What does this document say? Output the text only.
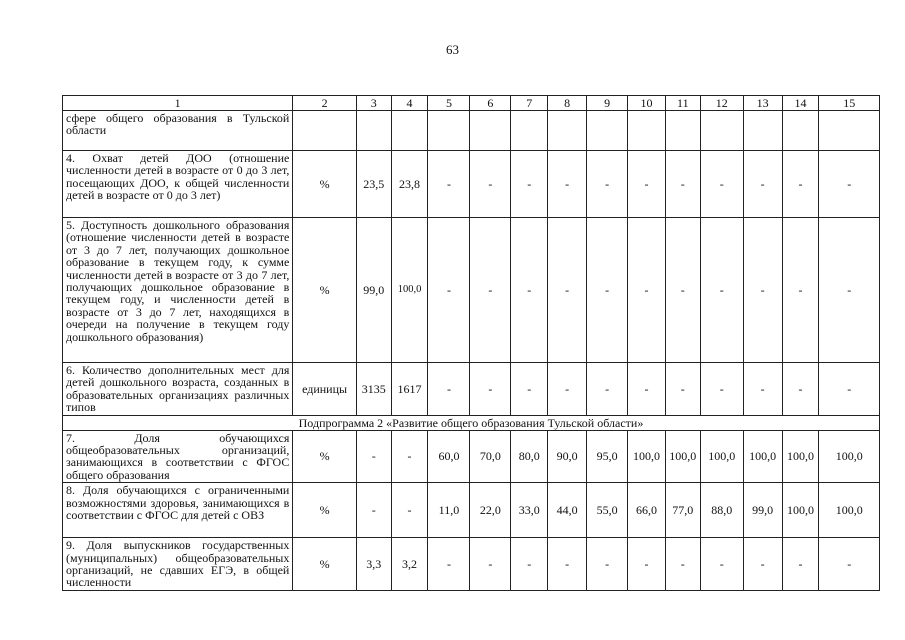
63
1	2	3	4	5	6	7	8	9	10	11	12	13	14	15
сфере общего образования в Тульской области														
4. Охват детей ДОО (отношение численности детей в возрасте от 0 до 3 лет, посещающих ДОО, к общей численности детей в возрасте от 0 до 3 лет)	%	23,5	23,8	-	-	-	-	-	-	-	-	-	-	-
5. Доступность дошкольного образования (отношение численности детей в возрасте от 3 до 7 лет, получающих дошкольное образование в текущем году, к сумме численности детей в возрасте от 3 до 7 лет, получающих дошкольное образование в текущем году, и численности детей в возрасте от 3 до 7 лет, находящихся в очереди на получение в текущем году дошкольного образования)	%	99,0	100,0	-	-	-	-	-	-	-	-	-	-	-
6. Количество дополнительных мест для детей дошкольного возраста, созданных в образовательных организациях различных типов	единицы	3135	1617	-	-	-	-	-	-	-	-	-	-	-
Подпрограмма 2 «Развитие общего образования Тульской области»														
7. Доля обучающихся общеобразовательных организаций, занимающихся в соответствии с ФГОС общего образования	%	-	-	60,0	70,0	80,0	90,0	95,0	100,0	100,0	100,0	100,0	100,0	100,0
8. Доля обучающихся с ограниченными возможностями здоровья, занимающихся в соответствии с ФГОС для детей с ОВЗ	%	-	-	11,0	22,0	33,0	44,0	55,0	66,0	77,0	88,0	99,0	100,0	100,0
9. Доля выпускников государственных (муниципальных) общеобразовательных организаций, не сдавших ЕГЭ, в общей численности	%	3,3	3,2	-	-	-	-	-	-	-	-	-	-	-
